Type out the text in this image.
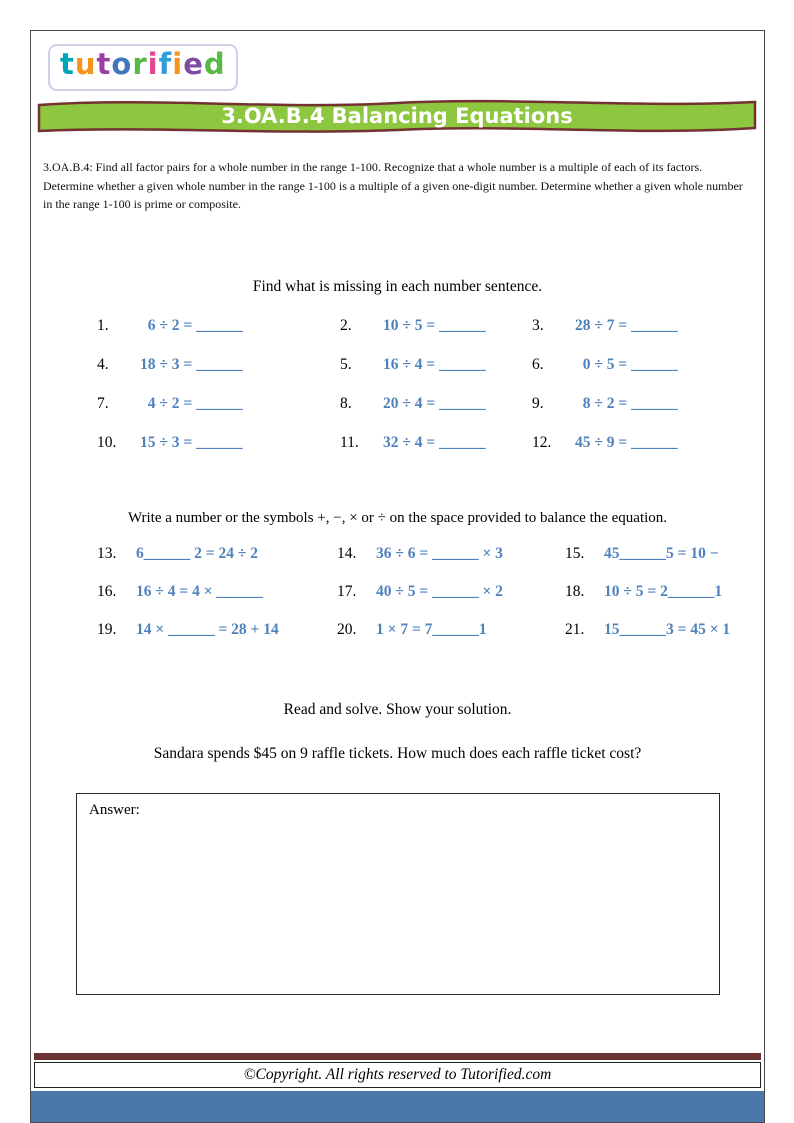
tutorified
3.OA.B.4 Balancing Equations
3.OA.B.4: Find all factor pairs for a whole number in the range 1-100. Recognize that a whole number is a multiple of each of its factors. Determine whether a given whole number in the range 1-100 is a multiple of a given one-digit number. Determine whether a given whole number in the range 1-100 is prime or composite.
Find what is missing in each number sentence.
1.	6 ÷ 2 = ______	2.	10 ÷ 5 = ______	3.	28 ÷ 7 = ______
4.	18 ÷ 3 = ______	5.	16 ÷ 4 = ______	6.	0 ÷ 5 = ______
7.	4 ÷ 2 = ______	8.	20 ÷ 4 = ______	9.	8 ÷ 2 = ______
10.	15 ÷ 3 = ______	11.	32 ÷ 4 = ______	12.	45 ÷ 9 = ______
Write a number or the symbols +, −, × or ÷ on the space provided to balance the equation.
13.	6______ 2 = 24 ÷ 2	14.	36 ÷ 6 = ______ × 3	15.	45______5 = 10 −
16.	16 ÷ 4 = 4 × ______	17.	40 ÷ 5 = ______ × 2	18.	10 ÷ 5 = 2______1
19.	14 × ______ = 28 + 14	20.	1 × 7 = 7______1	21.	15______3 = 45 × 1
Read and solve. Show your solution.
Sandara spends $45 on 9 raffle tickets. How much does each raffle ticket cost?
Answer:
©Copyright. All rights reserved to Tutorified.com
